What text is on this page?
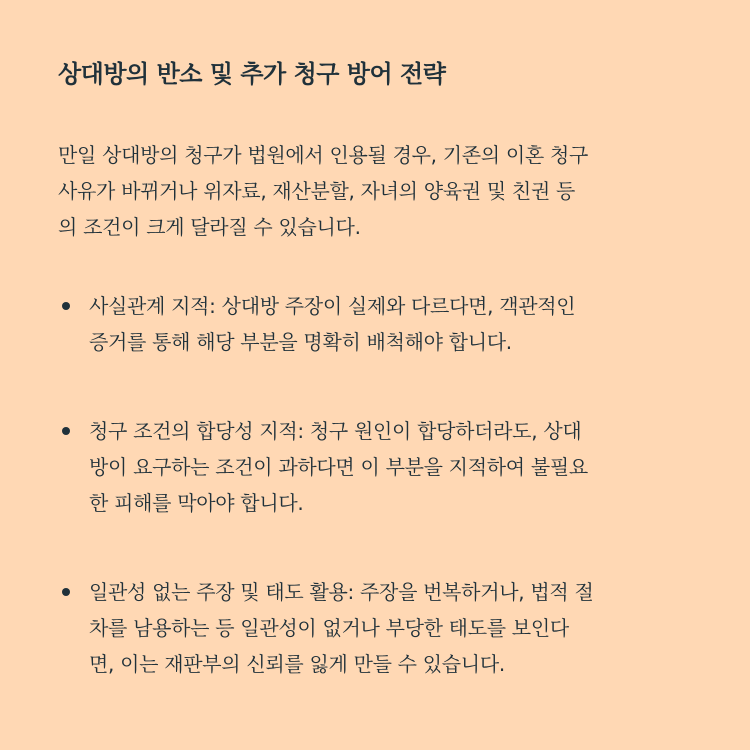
상대방의 반소 및 추가 청구 방어 전략

만일 상대방의 청구가 법원에서 인용될 경우, 기존의 이혼 청구
사유가 바뀌거나 위자료, 재산분할, 자녀의 양육권 및 친권 등
의 조건이 크게 달라질 수 있습니다.

사실관계 지적: 상대방 주장이 실제와 다르다면, 객관적인
증거를 통해 해당 부분을 명확히 배척해야 합니다.
청구 조건의 합당성 지적: 청구 원인이 합당하더라도, 상대
방이 요구하는 조건이 과하다면 이 부분을 지적하여 불필요
한 피해를 막아야 합니다.
일관성 없는 주장 및 태도 활용: 주장을 번복하거나, 법적 절
차를 남용하는 등 일관성이 없거나 부당한 태도를 보인다
면, 이는 재판부의 신뢰를 잃게 만들 수 있습니다.
